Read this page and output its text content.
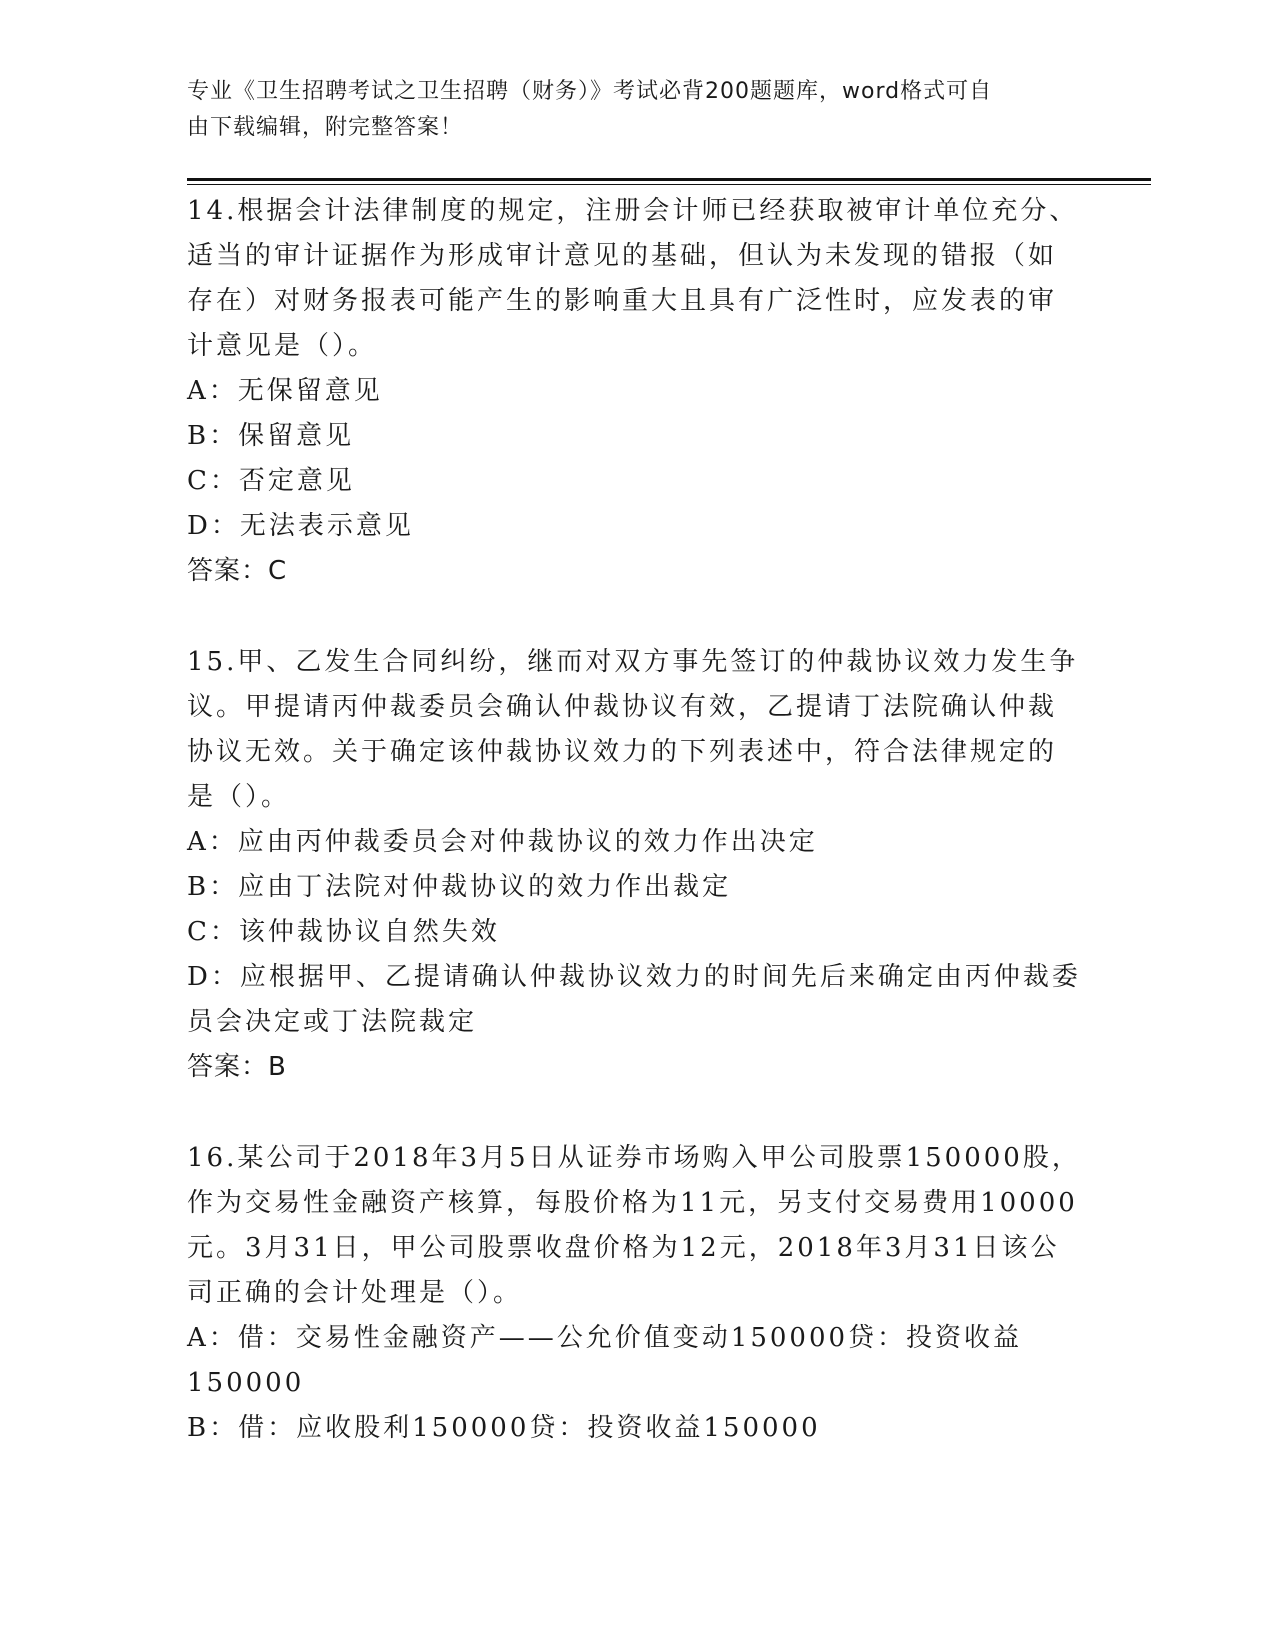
专业《卫生招聘考试之卫生招聘（财务）》考试必背200题题库，word格式可自
由下载编辑，附完整答案！
14.根据会计法律制度的规定，注册会计师已经获取被审计单位充分、
适当的审计证据作为形成审计意见的基础，但认为未发现的错报（如
存在）对财务报表可能产生的影响重大且具有广泛性时，应发表的审
计意见是（）。
A：无保留意见
B：保留意见
C：否定意见
D：无法表示意见
答案：C
15.甲、乙发生合同纠纷，继而对双方事先签订的仲裁协议效力发生争
议。甲提请丙仲裁委员会确认仲裁协议有效，乙提请丁法院确认仲裁
协议无效。关于确定该仲裁协议效力的下列表述中，符合法律规定的
是（）。
A：应由丙仲裁委员会对仲裁协议的效力作出决定
B：应由丁法院对仲裁协议的效力作出裁定
C：该仲裁协议自然失效
D：应根据甲、乙提请确认仲裁协议效力的时间先后来确定由丙仲裁委
员会决定或丁法院裁定
答案：B
16.某公司于2018年3月5日从证券市场购入甲公司股票150000股，
作为交易性金融资产核算，每股价格为11元，另支付交易费用10000
元。3月31日，甲公司股票收盘价格为12元，2018年3月31日该公
司正确的会计处理是（）。
A：借：交易性金融资产——公允价值变动150000贷：投资收益
150000
B：借：应收股利150000贷：投资收益150000
